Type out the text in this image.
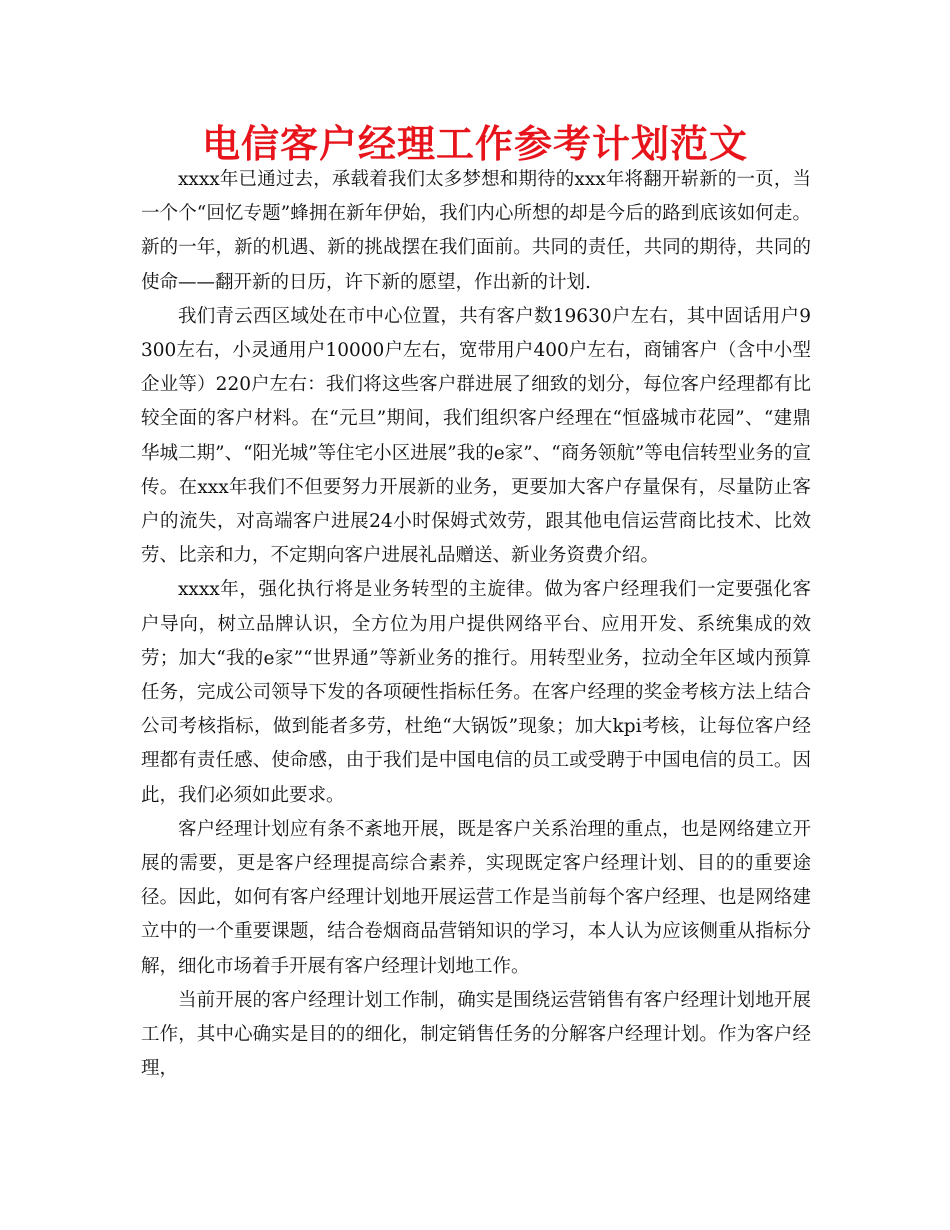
电信客户经理工作参考计划范文

xxxx年已通过去，承载着我们太多梦想和期待的xxx年将翻开崭新的一页，当一个个“回忆专题”蜂拥在新年伊始，我们内心所想的却是今后的路到底该如何走。新的一年，新的机遇、新的挑战摆在我们面前。共同的责任，共同的期待，共同的使命——翻开新的日历，许下新的愿望，作出新的计划.

我们青云西区域处在市中心位置，共有客户数19630户左右，其中固话用户9300左右，小灵通用户10000户左右，宽带用户400户左右，商铺客户（含中小型企业等）220户左右：我们将这些客户群进展了细致的划分，每位客户经理都有比较全面的客户材料。在“元旦”期间，我们组织客户经理在“恒盛城市花园”、“建鼎华城二期”、“阳光城”等住宅小区进展”我的e家”、“商务领航”等电信转型业务的宣传。在xxx年我们不但要努力开展新的业务，更要加大客户存量保有，尽量防止客户的流失，对高端客户进展24小时保姆式效劳，跟其他电信运营商比技术、比效劳、比亲和力，不定期向客户进展礼品赠送、新业务资费介绍。

xxxx年，强化执行将是业务转型的主旋律。做为客户经理我们一定要强化客户导向，树立品牌认识，全方位为用户提供网络平台、应用开发、系统集成的效劳；加大“我的e家”“世界通”等新业务的推行。用转型业务，拉动全年区域内预算任务，完成公司领导下发的各项硬性指标任务。在客户经理的奖金考核方法上结合公司考核指标，做到能者多劳，杜绝“大锅饭”现象；加大kpi考核，让每位客户经理都有责任感、使命感，由于我们是中国电信的员工或受聘于中国电信的员工。因此，我们必须如此要求。

客户经理计划应有条不紊地开展，既是客户关系治理的重点，也是网络建立开展的需要，更是客户经理提高综合素养，实现既定客户经理计划、目的的重要途径。因此，如何有客户经理计划地开展运营工作是当前每个客户经理、也是网络建立中的一个重要课题，结合卷烟商品营销知识的学习，本人认为应该侧重从指标分解，细化市场着手开展有客户经理计划地工作。

当前开展的客户经理计划工作制，确实是围绕运营销售有客户经理计划地开展工作，其中心确实是目的的细化，制定销售任务的分解客户经理计划。作为客户经理，
